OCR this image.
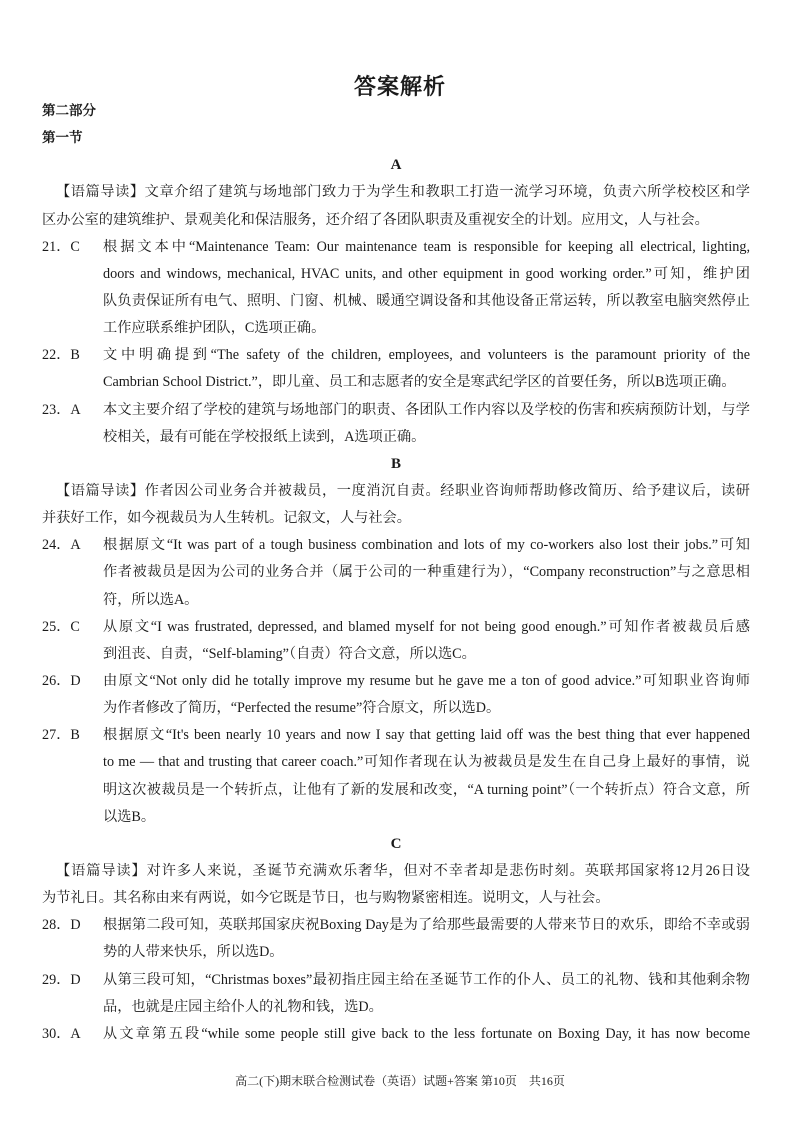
答案解析
第二部分
第一节
A
【语篇导读】文章介绍了建筑与场地部门致力于为学生和教职工打造一流学习环境，负责六所学校校区和学
区办公室的建筑维护、景观美化和保洁服务，还介绍了各团队职责及重视安全的计划。应用文，人与社会。
21．C	根据文本中“Maintenance Team: Our maintenance team is responsible for keeping all electrical, lighting,
doors and windows, mechanical, HVAC units, and other equipment in good working order.”可知，维护团
队负责保证所有电气、照明、门窗、机械、暖通空调设备和其他设备正常运转，所以教室电脑突然停止
工作应联系维护团队，C选项正确。
22．B	文中明确提到“The safety of the children, employees, and volunteers is the paramount priority of the
Cambrian School District.”，即儿童、员工和志愿者的安全是寒武纪学区的首要任务，所以B选项正确。
23．A	本文主要介绍了学校的建筑与场地部门的职责、各团队工作内容以及学校的伤害和疾病预防计划，与学
校相关，最有可能在学校报纸上读到，A选项正确。
B
【语篇导读】作者因公司业务合并被裁员，一度消沉自责。经职业咨询师帮助修改简历、给予建议后，读研
并获好工作，如今视裁员为人生转机。记叙文，人与社会。
24．A	根据原文“It was part of a tough business combination and lots of my co-workers also lost their jobs.”可知
作者被裁员是因为公司的业务合并（属于公司的一种重建行为），“Company reconstruction”与之意思相
符，所以选A。
25．C	从原文“I was frustrated, depressed, and blamed myself for not being good enough.”可知作者被裁员后感
到沮丧、自责，“Self-blaming”（自责）符合文意，所以选C。
26．D	由原文“Not only did he totally improve my resume but he gave me a ton of good advice.”可知职业咨询师
为作者修改了简历，“Perfected the resume”符合原文，所以选D。
27．B	根据原文“It's been nearly 10 years and now I say that getting laid off was the best thing that ever happened
to me — that and trusting that career coach.”可知作者现在认为被裁员是发生在自己身上最好的事情，说
明这次被裁员是一个转折点，让他有了新的发展和改变，“A turning point”（一个转折点）符合文意，所
以选B。
C
【语篇导读】对许多人来说，圣诞节充满欢乐奢华，但对不幸者却是悲伤时刻。英联邦国家将12月26日设
为节礼日。其名称由来有两说，如今它既是节日，也与购物紧密相连。说明文，人与社会。
28．D	根据第二段可知，英联邦国家庆祝Boxing Day是为了给那些最需要的人带来节日的欢乐，即给不幸或弱
势的人带来快乐，所以选D。
29．D	从第三段可知，“Christmas boxes”最初指庄园主给在圣诞节工作的仆人、员工的礼物、钱和其他剩余物
品，也就是庄园主给仆人的礼物和钱，选D。
30．A	从文章第五段“while some people still give back to the less fortunate on Boxing Day, it has now become
高二(下)期末联合检测试卷（英语）试题+答案 第10页　共16页
